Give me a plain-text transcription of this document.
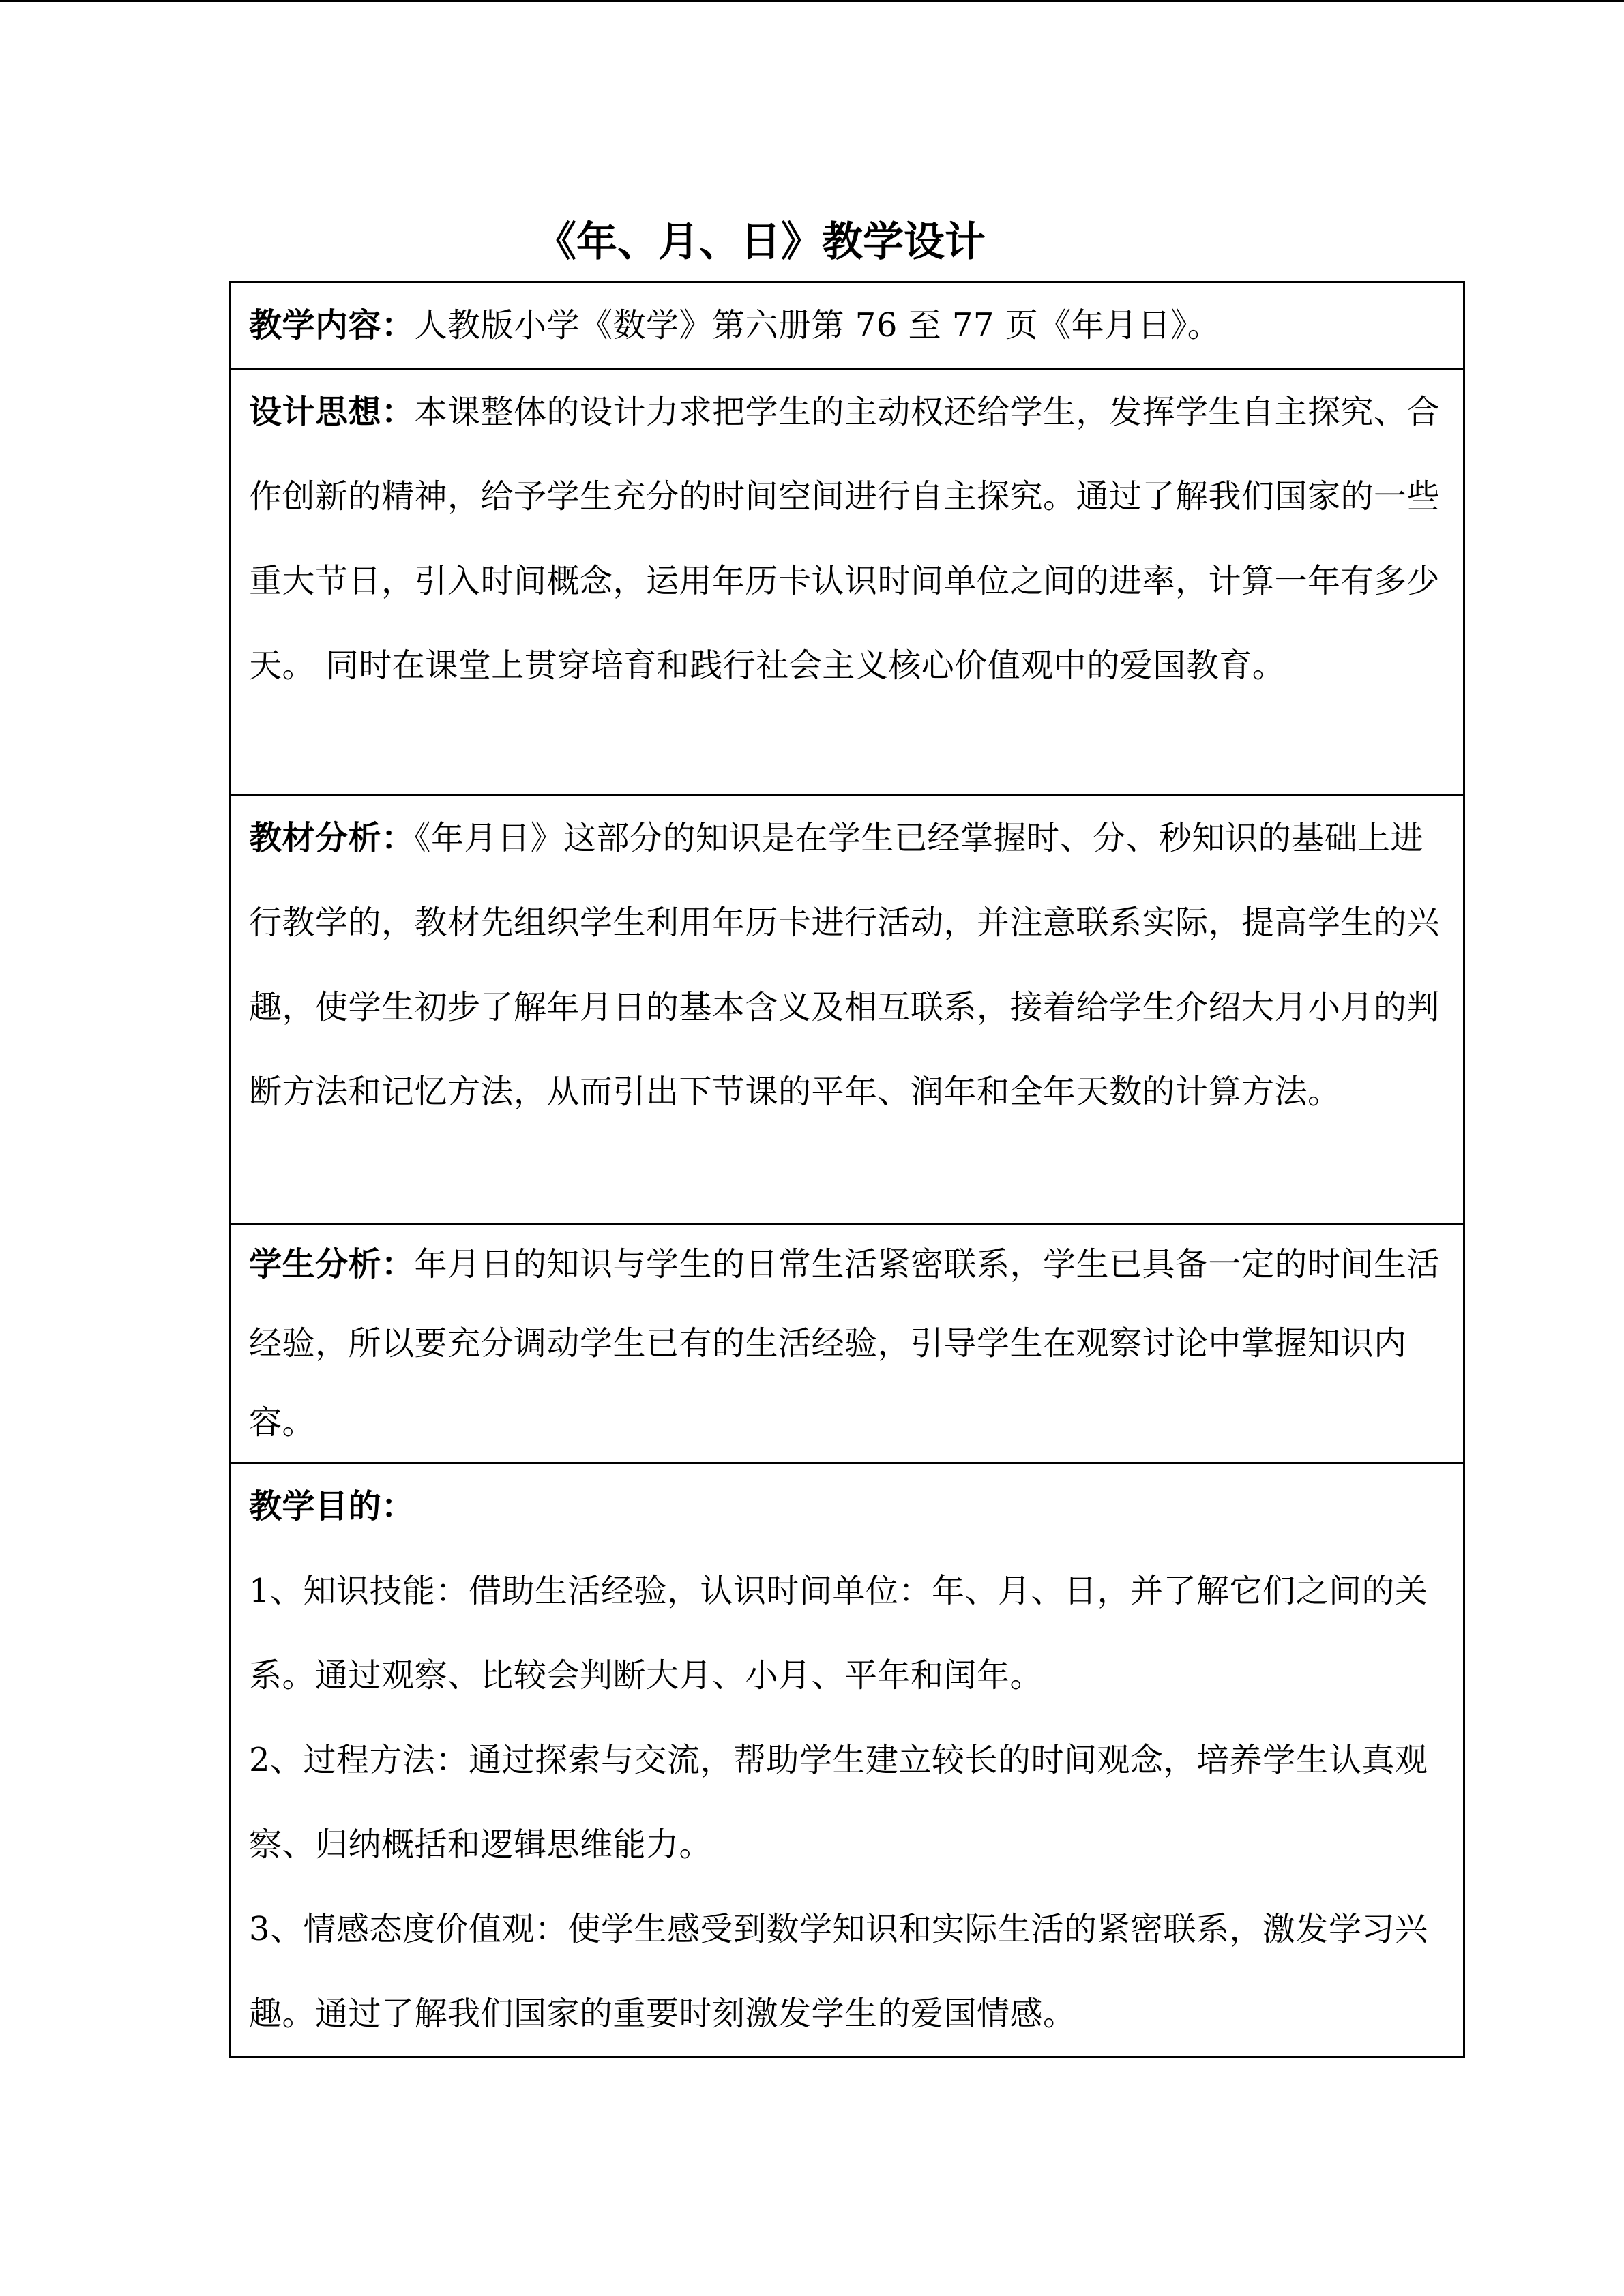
《年、月、日》教学设计
教学内容：人教版小学《数学》第六册第 76 至 77 页《年月日》。
设计思想：本课整体的设计力求把学生的主动权还给学生，发挥学生自主探究、合作创新的精神，给予学生充分的时间空间进行自主探究。通过了解我们国家的一些重大节日，引入时间概念，运用年历卡认识时间单位之间的进率，计算一年有多少天。 同时在课堂上贯穿培育和践行社会主义核心价值观中的爱国教育。
教材分析：《年月日》这部分的知识是在学生已经掌握时、分、秒知识的基础上进行教学的，教材先组织学生利用年历卡进行活动，并注意联系实际，提高学生的兴趣，使学生初步了解年月日的基本含义及相互联系，接着给学生介绍大月小月的判断方法和记忆方法，从而引出下节课的平年、润年和全年天数的计算方法。
学生分析：年月日的知识与学生的日常生活紧密联系，学生已具备一定的时间生活经验，所以要充分调动学生已有的生活经验，引导学生在观察讨论中掌握知识内容。

教学目的：
1、知识技能：借助生活经验，认识时间单位：年、月、日，并了解它们之间的关系。通过观察、比较会判断大月、小月、平年和闰年。
2、过程方法：通过探索与交流，帮助学生建立较长的时间观念，培养学生认真观察、归纳概括和逻辑思维能力。
3、情感态度价值观：使学生感受到数学知识和实际生活的紧密联系，激发学习兴趣。通过了解我们国家的重要时刻激发学生的爱国情感。
